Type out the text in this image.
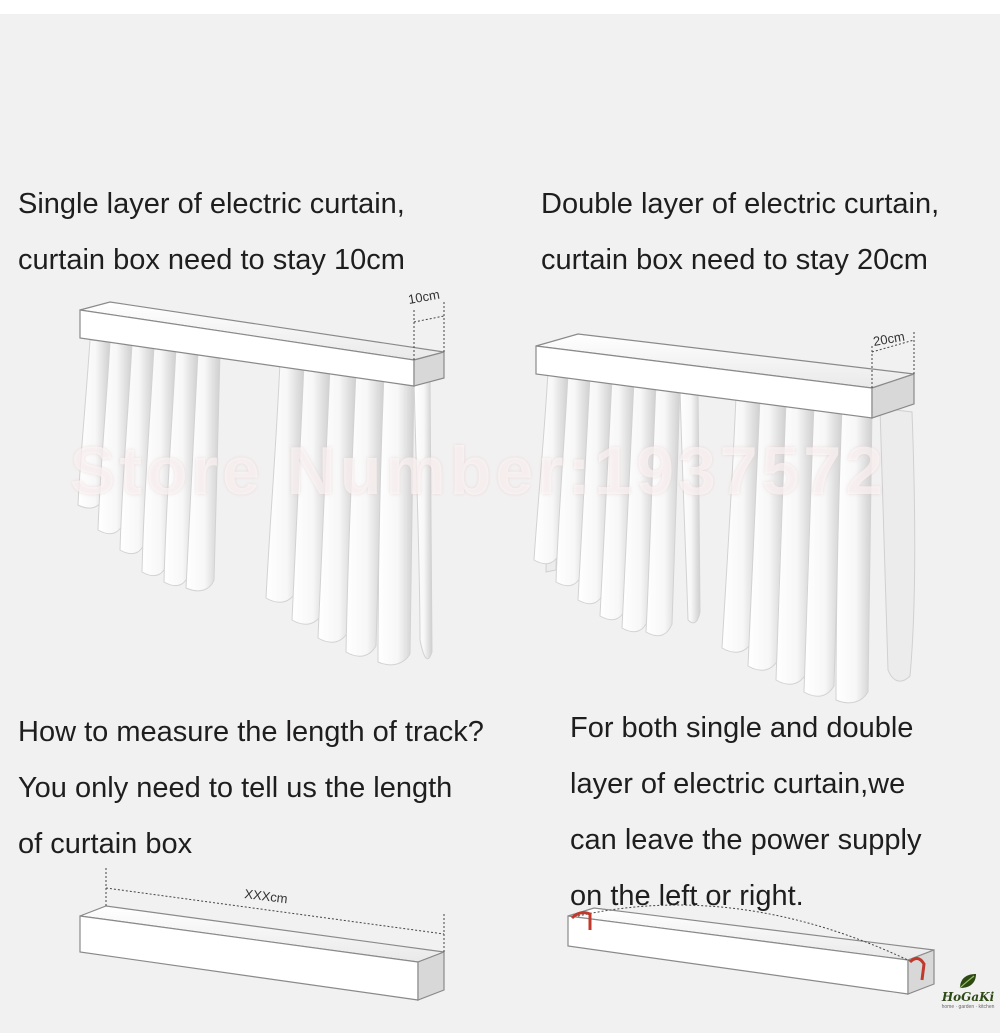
10cm
20cm
XXXcm
Store Number:1937572
Single layer of electric curtain,
curtain box need to stay 10cm
Double layer of electric curtain,
curtain box need to stay 20cm
How to measure the length of track?
You only need to tell us the length
of curtain box
For both single and double
layer of electric curtain,we
can leave the power supply
on the left or right.
HoGaKi
home · garden · kitchen
